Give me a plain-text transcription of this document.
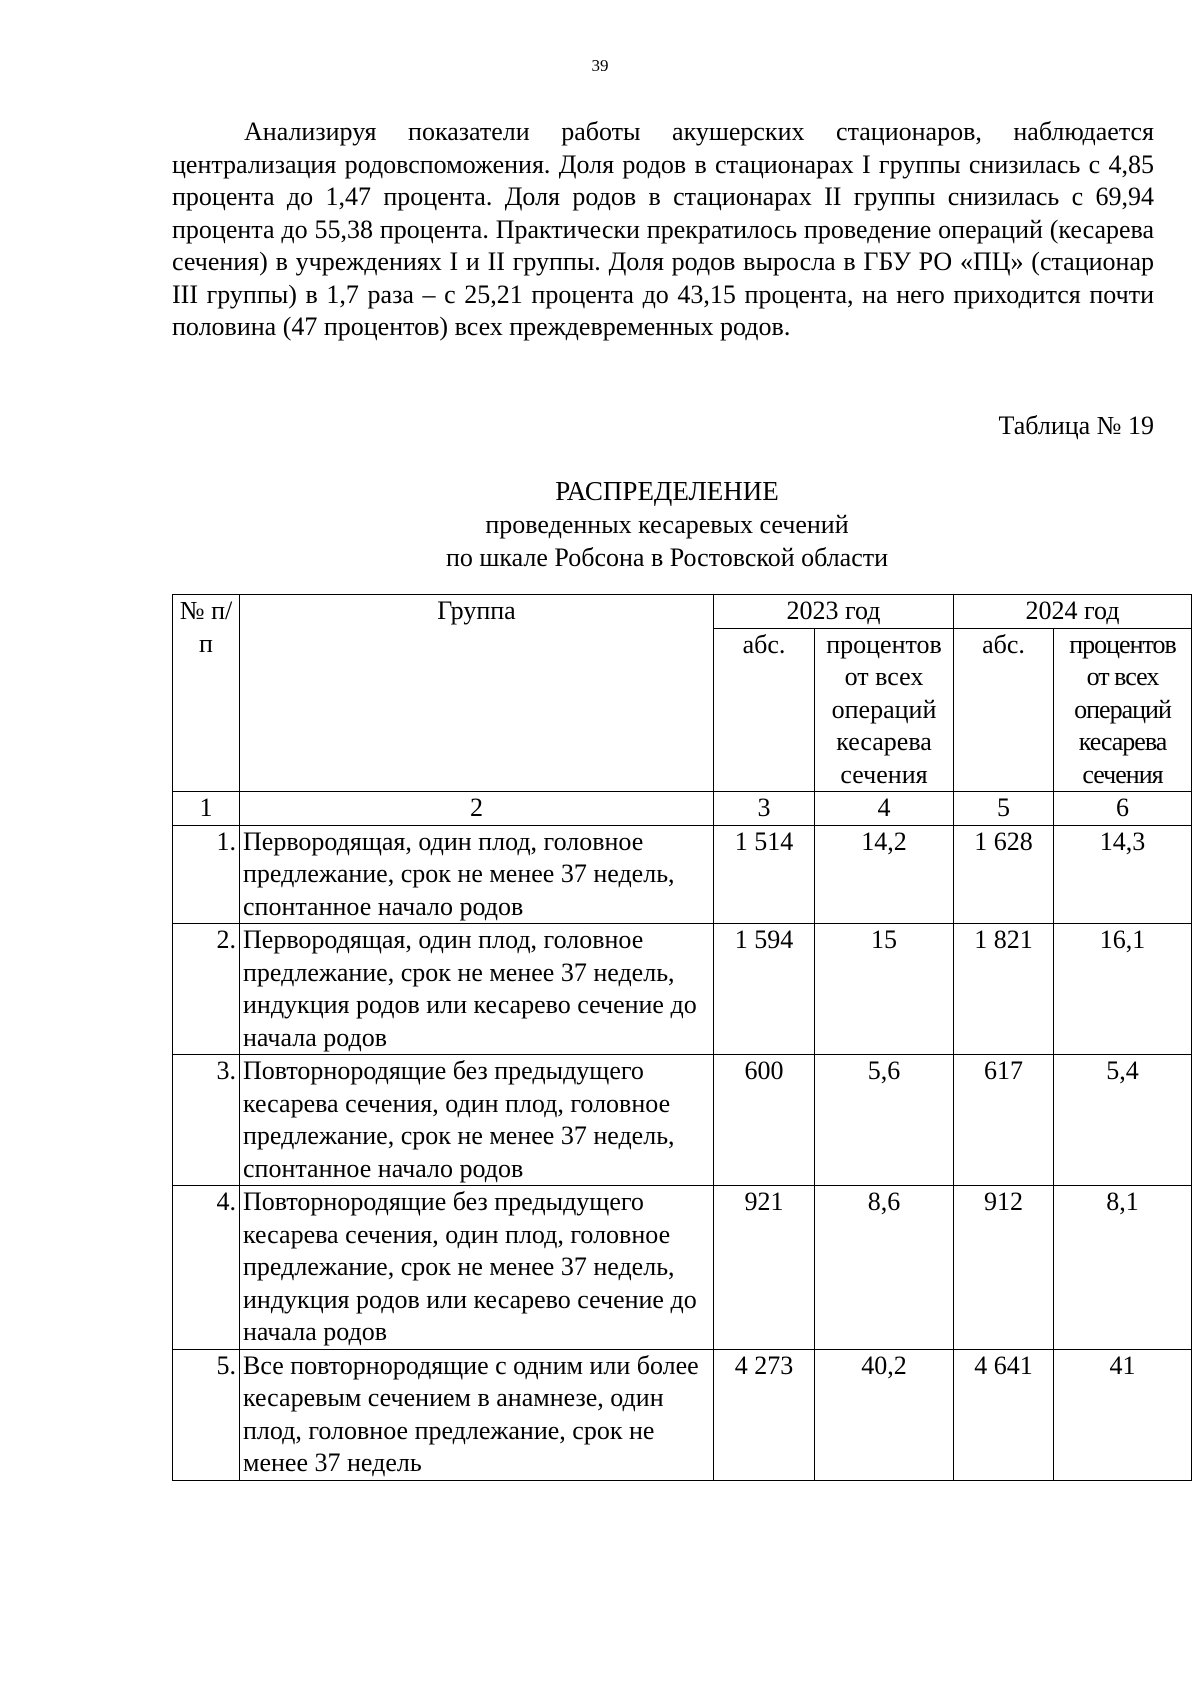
39

Анализируя показатели работы акушерских стационаров, наблюдается централизация родовспоможения. Доля родов в стационарах I группы снизилась с 4,85 процента до 1,47 процента. Доля родов в стационарах II группы снизилась с 69,94 процента до 55,38 процента. Практически прекратилось проведение операций (кесарева сечения) в учреждениях I и II группы. Доля родов выросла в ГБУ РО «ПЦ» (стационар III группы) в 1,7 раза – с 25,21 процента до 43,15 процента, на него приходится почти половина (47 процентов) всех преждевременных родов.

Таблица № 19
РАСПРЕДЕЛЕНИЕ
проведенных кесаревых сечений
по шкале Робсона в Ростовской области
№ п/п	Группа	2023 год		2024 год	
		абс.	процентов от всех операций кесарева сечения	абс.	процентов от всех операций кесарева сечения
1	2	3	4	5	6
1.	Первородящая, один плод, головное предлежание, срок не менее 37 недель, спонтанное начало родов	1 514	14,2	1 628	14,3
2.	Первородящая, один плод, головное предлежание, срок не менее 37 недель, индукция родов или кесарево сечение до начала родов	1 594	15	1 821	16,1
3.	Повторнородящие без предыдущего кесарева сечения, один плод, головное предлежание, срок не менее 37 недель, спонтанное начало родов	600	5,6	617	5,4
4.	Повторнородящие без предыдущего кесарева сечения, один плод, головное предлежание, срок не менее 37 недель, индукция родов или кесарево сечение до начала родов	921	8,6	912	8,1
5.	Все повторнородящие с одним или более кесаревым сечением в анамнезе, один плод, головное предлежание, срок не менее 37 недель	4 273	40,2	4 641	41
